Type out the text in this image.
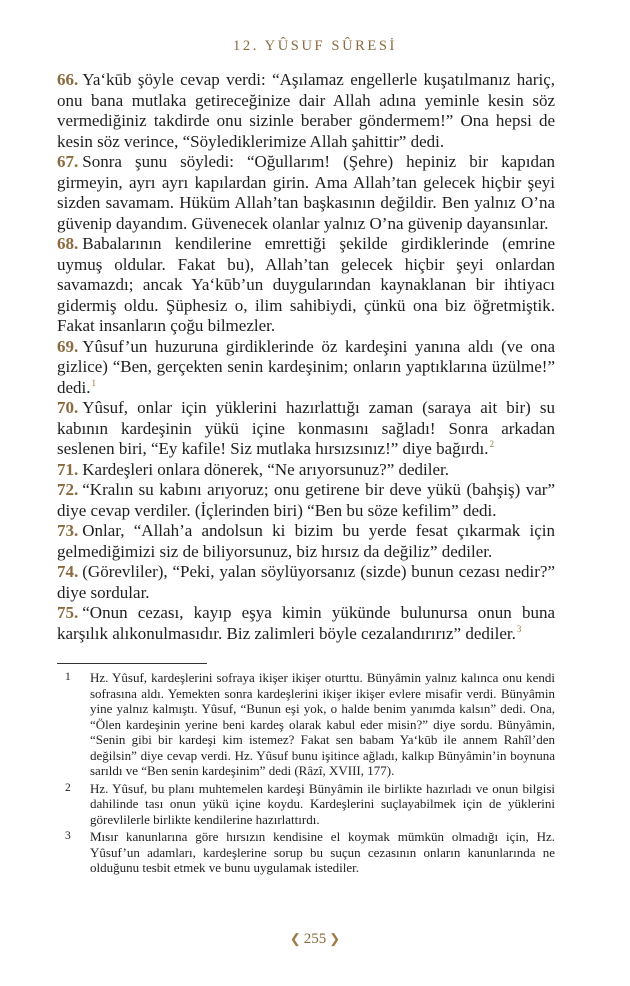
12. YÛSUF SÛRESİ

66. Ya‘kūb şöyle cevap verdi: “Aşılamaz engellerle kuşatılmanız hariç, onu bana mutlaka getireceğinize dair Allah adına yeminle kesin söz vermediğiniz takdirde onu sizinle beraber göndermem!” Ona hepsi de kesin söz verince, “Söylediklerimize Allah şahittir” dedi.

67. Sonra şunu söyledi: “Oğullarım! (Şehre) hepiniz bir kapıdan girmeyin, ayrı ayrı kapılardan girin. Ama Allah’tan gelecek hiçbir şeyi sizden savamam. Hüküm Allah’tan başkasının değildir. Ben yalnız O’na güvenip dayandım. Güvenecek olanlar yalnız O’na güvenip dayansınlar.

68. Babalarının kendilerine emrettiği şekilde girdiklerinde (emrine uymuş oldular. Fakat bu), Allah’tan gelecek hiçbir şeyi onlardan savamazdı; ancak Ya‘kūb’un duygularından kaynaklanan bir ihtiyacı gidermiş oldu. Şüphesiz o, ilim sahibiydi, çünkü ona biz öğretmiştik. Fakat insanların çoğu bilmezler.

69. Yûsuf’un huzuruna girdiklerinde öz kardeşini yanına aldı (ve ona gizlice) “Ben, gerçekten senin kardeşinim; onların yaptıklarına üzülme!” dedi.$^1$

70. Yûsuf, onlar için yüklerini hazırlattığı zaman (saraya ait bir) su kabının kardeşinin yükü içine konmasını sağladı! Sonra arkadan seslenen biri, “Ey kafile! Siz mutlaka hırsızsınız!” diye bağırdı.$^2$

71. Kardeşleri onlara dönerek, “Ne arıyorsunuz?” dediler.

72. “Kralın su kabını arıyoruz; onu getirene bir deve yükü (bahşiş) var” diye cevap verdiler. (İçlerinden biri) “Ben bu söze kefilim” dedi.

73. Onlar, “Allah’a andolsun ki bizim bu yerde fesat çıkarmak için gelmediğimizi siz de biliyorsunuz, biz hırsız da değiliz” dediler.

74. (Görevliler), “Peki, yalan söylüyorsanız (sizde) bunun cezası nedir?” diye sordular.

75. “Onun cezası, kayıp eşya kimin yükünde bulunursa onun buna karşılık alıkonulmasıdır. Biz zalimleri böyle cezalandırırız” dediler.$^3$

1	Hz. Yûsuf, kardeşlerini sofraya ikişer ikişer oturttu. Bünyâmin yalnız kalınca onu kendi sofrasına aldı. Yemekten sonra kardeşlerini ikişer ikişer evlere misafir verdi. Bünyâmin yine yalnız kalmıştı. Yûsuf, “Bunun eşi yok, o halde benim yanımda kalsın” dedi. Ona, “Ölen kardeşinin yerine beni kardeş olarak kabul eder misin?” diye sordu. Bünyâmin, “Senin gibi bir kardeşi kim istemez? Fakat sen babam Ya‘kūb ile annem Rahîl’den değilsin” diye cevap verdi. Hz. Yûsuf bunu işitince ağladı, kalkıp Bünyâmin’in boynuna sarıldı ve “Ben senin kardeşinim” dedi (Râzî, XVIII, 177).
2	Hz. Yûsuf, bu planı muhtemelen kardeşi Bünyâmin ile birlikte hazırladı ve onun bilgisi dahilinde tası onun yükü içine koydu. Kardeşlerini suçlayabilmek için de yüklerini görevlilerle birlikte kendilerine hazırlattırdı.
3	Mısır kanunlarına göre hırsızın kendisine el koymak mümkün olmadığı için, Hz. Yûsuf’un adamları, kardeşlerine sorup bu suçun cezasının onların kanunlarında ne olduğunu tesbit etmek ve bunu uygulamak istediler.
❮ 255 ❯
